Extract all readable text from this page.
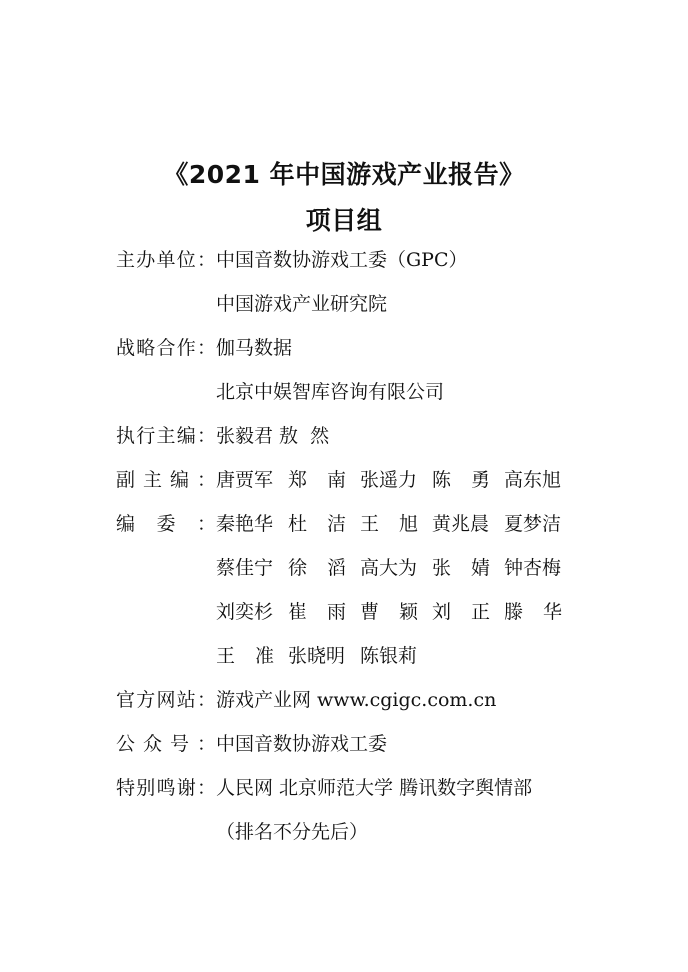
《2021 年中国游戏产业报告》
项目组
主 办 单 位 ： 中国音数协游戏工委（GPC）
中国游戏产业研究院
战 略 合 作 ： 伽马数据
北京中娱智库咨询有限公司
执 行 主 编 ： 张毅君 敖  然
副 主 编 ： 唐贾军 郑 南 张遥力 陈 勇 高东旭
编 委 ： 秦艳华 杜 洁 王 旭 黄兆晨 夏梦洁
蔡佳宁 徐 滔 高大为 张 婧 钟杏梅
刘奕杉 崔 雨 曹 颖 刘 正 滕 华
王 准 张晓明 陈银莉
官 方 网 站 ： 游戏产业网 www.cgigc.com.cn
公 众 号 ： 中国音数协游戏工委
特 别 鸣 谢 ： 人民网 北京师范大学 腾讯数字舆情部
（排名不分先后）
